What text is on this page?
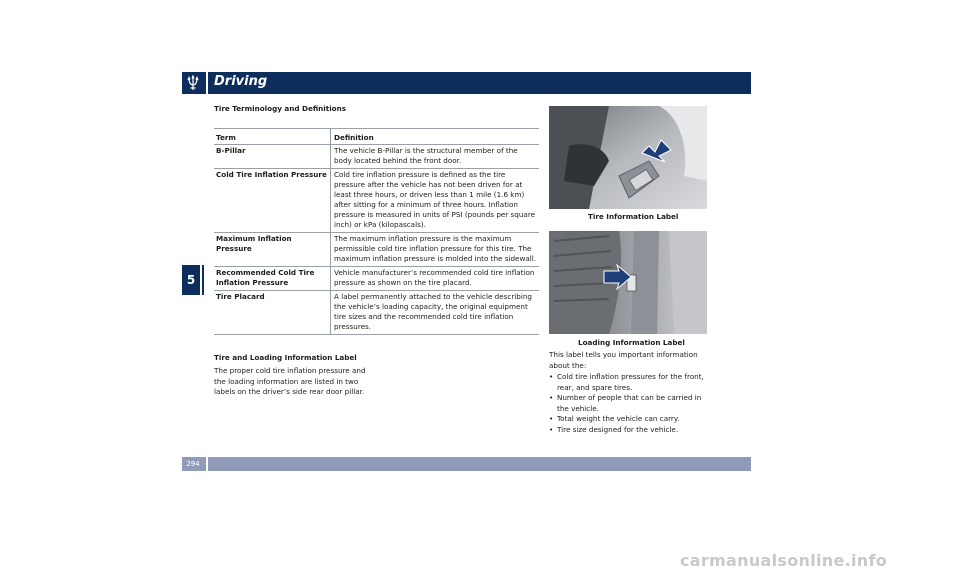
Driving
5
Tire Terminology and Definitions
Term	Definition
B-Pillar	The vehicle B-Pillar is the structural member of the body located behind the front door.
Cold Tire Inflation Pressure	Cold tire inflation pressure is defined as the tire pressure after the vehicle has not been driven for at least three hours, or driven less than 1 mile (1.6 km) after sitting for a minimum of three hours. Inflation pressure is measured in units of PSI (pounds per square inch) or kPa (kilopascals).
Maximum Inflation Pressure	The maximum inflation pressure is the maximum permissible cold tire inflation pressure for this tire. The maximum inflation pressure is molded into the sidewall.
Recommended Cold Tire Inflation Pressure	Vehicle manufacturer’s recommended cold tire inflation pressure as shown on the tire placard.
Tire Placard	A label permanently attached to the vehicle describing the vehicle’s loading capacity, the original equipment tire sizes and the recommended cold tire inflation pressures.
Tire and Loading Information Label
The proper cold tire inflation pressure and the loading information are listed in two labels on the driver’s side rear door pillar.
Tire Information Label
Loading Information Label
This label tells you important information about the:
• Cold tire inflation pressures for the front, rear, and spare tires.
• Number of people that can be carried in the vehicle.
• Total weight the vehicle can carry.
• Tire size designed for the vehicle.
294
carmanualsonline.info
